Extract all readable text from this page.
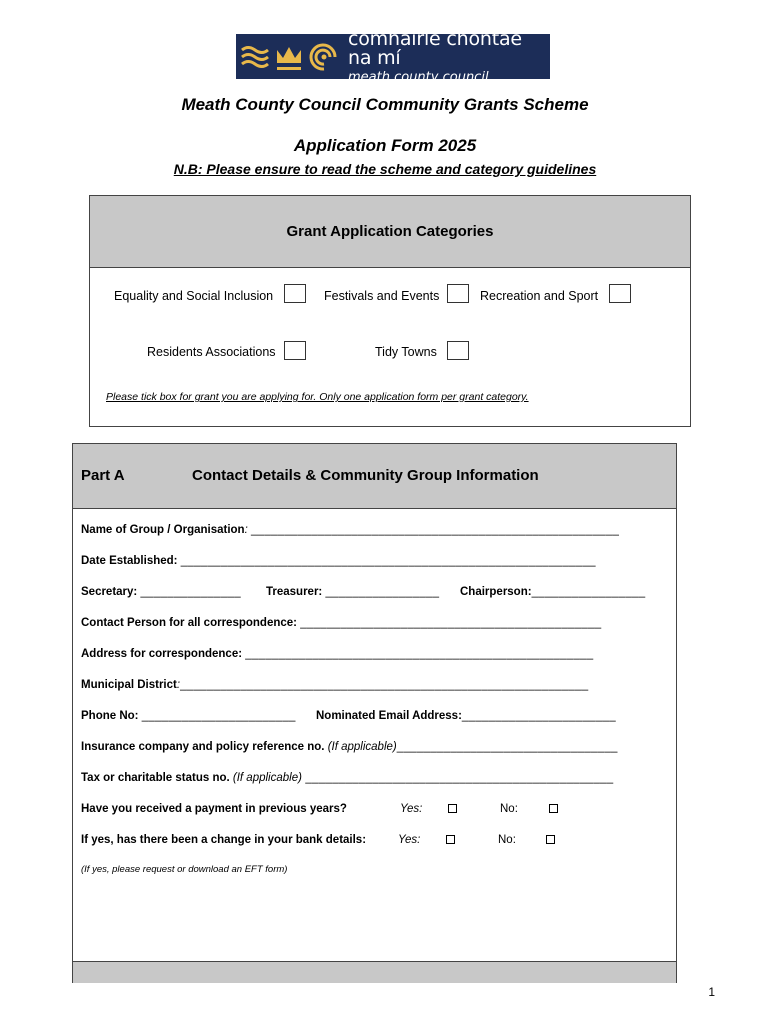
comhairle chontae na mí
meath county council
Meath County Council Community Grants Scheme
Application Form 2025
N.B: Please ensure to read the scheme and category guidelines
Grant Application Categories
Equality and Social Inclusion	Festivals and Events	Recreation and Sport
Residents Associations	Tidy Towns
Please tick box for grant you are applying for. Only one application form per grant category.
Part A	Contact Details & Community Group Information
Name of Group / Organisation: _______________________________________________________
Date Established: ______________________________________________________________
Secretary: _______________ Treasurer: _________________ Chairperson:_________________
Contact Person for all correspondence: _____________________________________________
Address for correspondence: ____________________________________________________
Municipal District:_____________________________________________________________
Phone No: _______________________ Nominated Email Address:_______________________
Insurance company and policy reference no. (If applicable)_________________________________
Tax or charitable status no. (If applicable) ______________________________________________
Have you received a payment in previous years?	Yes:	No:
If yes, has there been a change in your bank details:	Yes:	No:
(If yes, please request or download an EFT form)
1
